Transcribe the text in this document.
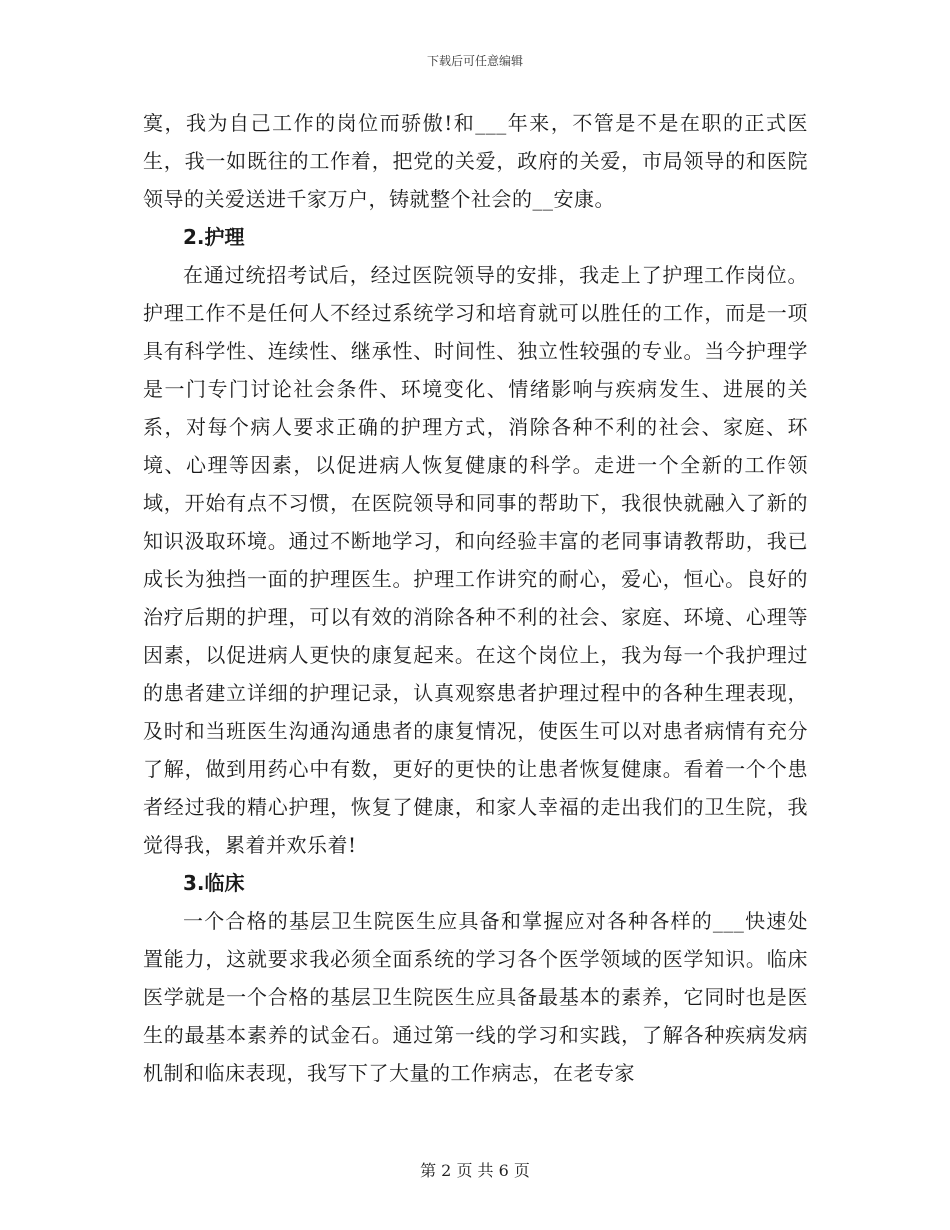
下载后可任意编辑

寞，我为自己工作的岗位而骄傲!和___年来，不管是不是在职的正式医生，我一如既往的工作着，把党的关爱，政府的关爱，市局领导的和医院领导的关爱送进千家万户，铸就整个社会的__安康。

2.护理

在通过统招考试后，经过医院领导的安排，我走上了护理工作岗位。护理工作不是任何人不经过系统学习和培育就可以胜任的工作，而是一项具有科学性、连续性、继承性、时间性、独立性较强的专业。当今护理学是一门专门讨论社会条件、环境变化、情绪影响与疾病发生、进展的关系，对每个病人要求正确的护理方式，消除各种不利的社会、家庭、环境、心理等因素，以促进病人恢复健康的科学。走进一个全新的工作领域，开始有点不习惯，在医院领导和同事的帮助下，我很快就融入了新的知识汲取环境。通过不断地学习，和向经验丰富的老同事请教帮助，我已成长为独挡一面的护理医生。护理工作讲究的耐心，爱心，恒心。良好的治疗后期的护理，可以有效的消除各种不利的社会、家庭、环境、心理等因素，以促进病人更快的康复起来。在这个岗位上，我为每一个我护理过的患者建立详细的护理记录，认真观察患者护理过程中的各种生理表现，及时和当班医生沟通沟通患者的康复情况，使医生可以对患者病情有充分了解，做到用药心中有数，更好的更快的让患者恢复健康。看着一个个患者经过我的精心护理，恢复了健康，和家人幸福的走出我们的卫生院，我觉得我，累着并欢乐着!

3.临床

一个合格的基层卫生院医生应具备和掌握应对各种各样的___快速处置能力，这就要求我必须全面系统的学习各个医学领域的医学知识。临床医学就是一个合格的基层卫生院医生应具备最基本的素养，它同时也是医生的最基本素养的试金石。通过第一线的学习和实践，了解各种疾病发病机制和临床表现，我写下了大量的工作病志，在老专家

第 2 页 共 6 页
